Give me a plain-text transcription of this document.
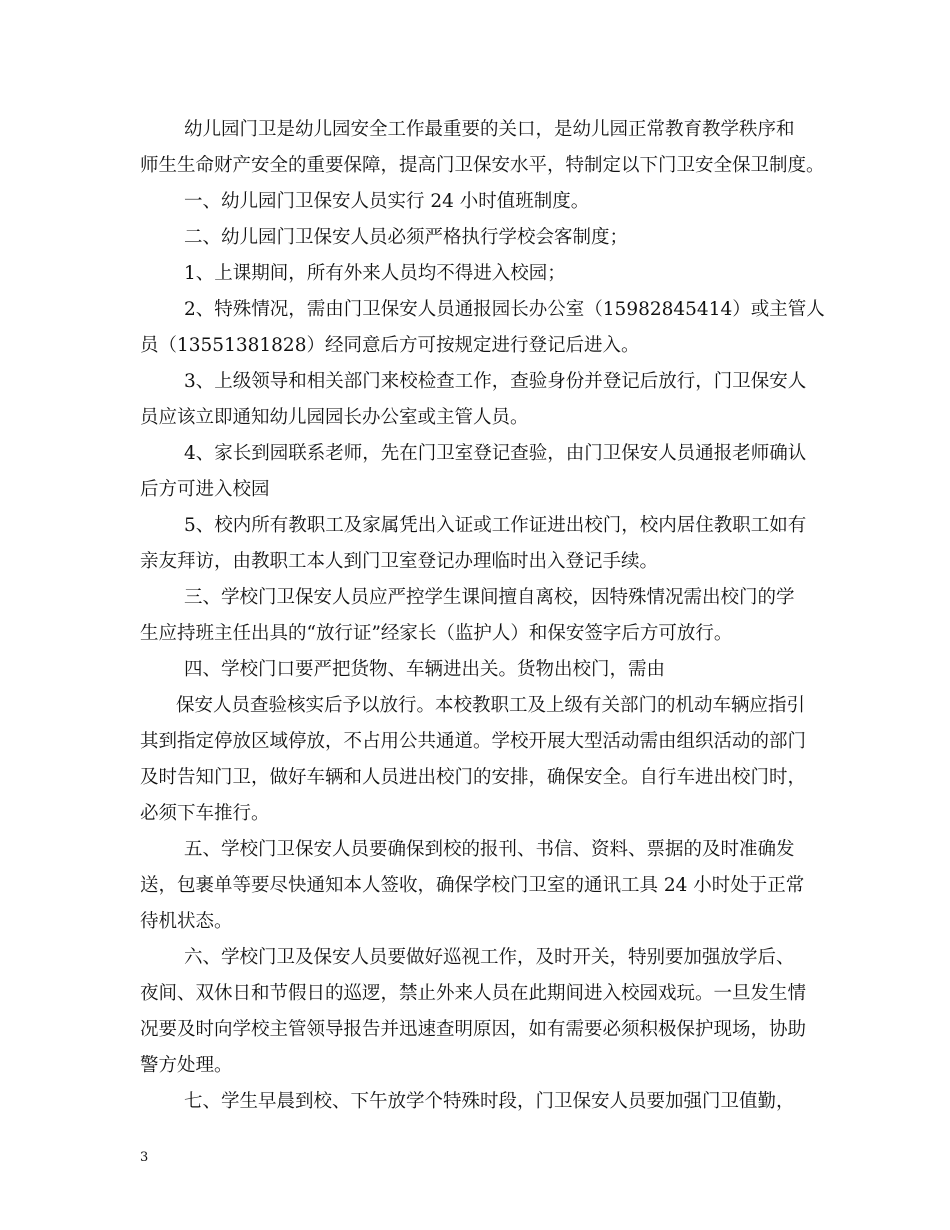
幼儿园门卫是幼儿园安全工作最重要的关口，是幼儿园正常教育教学秩序和

师生生命财产安全的重要保障，提高门卫保安水平，特制定以下门卫安全保卫制度。

一、幼儿园门卫保安人员实行 24 小时值班制度。

二、幼儿园门卫保安人员必须严格执行学校会客制度；

1、上课期间，所有外来人员均不得进入校园；

2、特殊情况，需由门卫保安人员通报园长办公室（15982845414）或主管人

员（13551381828）经同意后方可按规定进行登记后进入。

3、上级领导和相关部门来校检查工作，查验身份并登记后放行，门卫保安人

员应该立即通知幼儿园园长办公室或主管人员。

4、家长到园联系老师，先在门卫室登记查验，由门卫保安人员通报老师确认

后方可进入校园

5、校内所有教职工及家属凭出入证或工作证进出校门，校内居住教职工如有

亲友拜访，由教职工本人到门卫室登记办理临时出入登记手续。

三、学校门卫保安人员应严控学生课间擅自离校，因特殊情况需出校门的学

生应持班主任出具的“放行证”经家长（监护人）和保安签字后方可放行。

四、学校门口要严把货物、车辆进出关。货物出校门，需由

保安人员查验核实后予以放行。本校教职工及上级有关部门的机动车辆应指引

其到指定停放区域停放，不占用公共通道。学校开展大型活动需由组织活动的部门

及时告知门卫，做好车辆和人员进出校门的安排，确保安全。自行车进出校门时，

必须下车推行。

五、学校门卫保安人员要确保到校的报刊、书信、资料、票据的及时准确发

送，包裹单等要尽快通知本人签收，确保学校门卫室的通讯工具 24 小时处于正常

待机状态。

六、学校门卫及保安人员要做好巡视工作，及时开关，特别要加强放学后、

夜间、双休日和节假日的巡逻，禁止外来人员在此期间进入校园戏玩。一旦发生情

况要及时向学校主管领导报告并迅速查明原因，如有需要必须积极保护现场，协助

警方处理。

七、学生早晨到校、下午放学个特殊时段，门卫保安人员要加强门卫值勤，

3
